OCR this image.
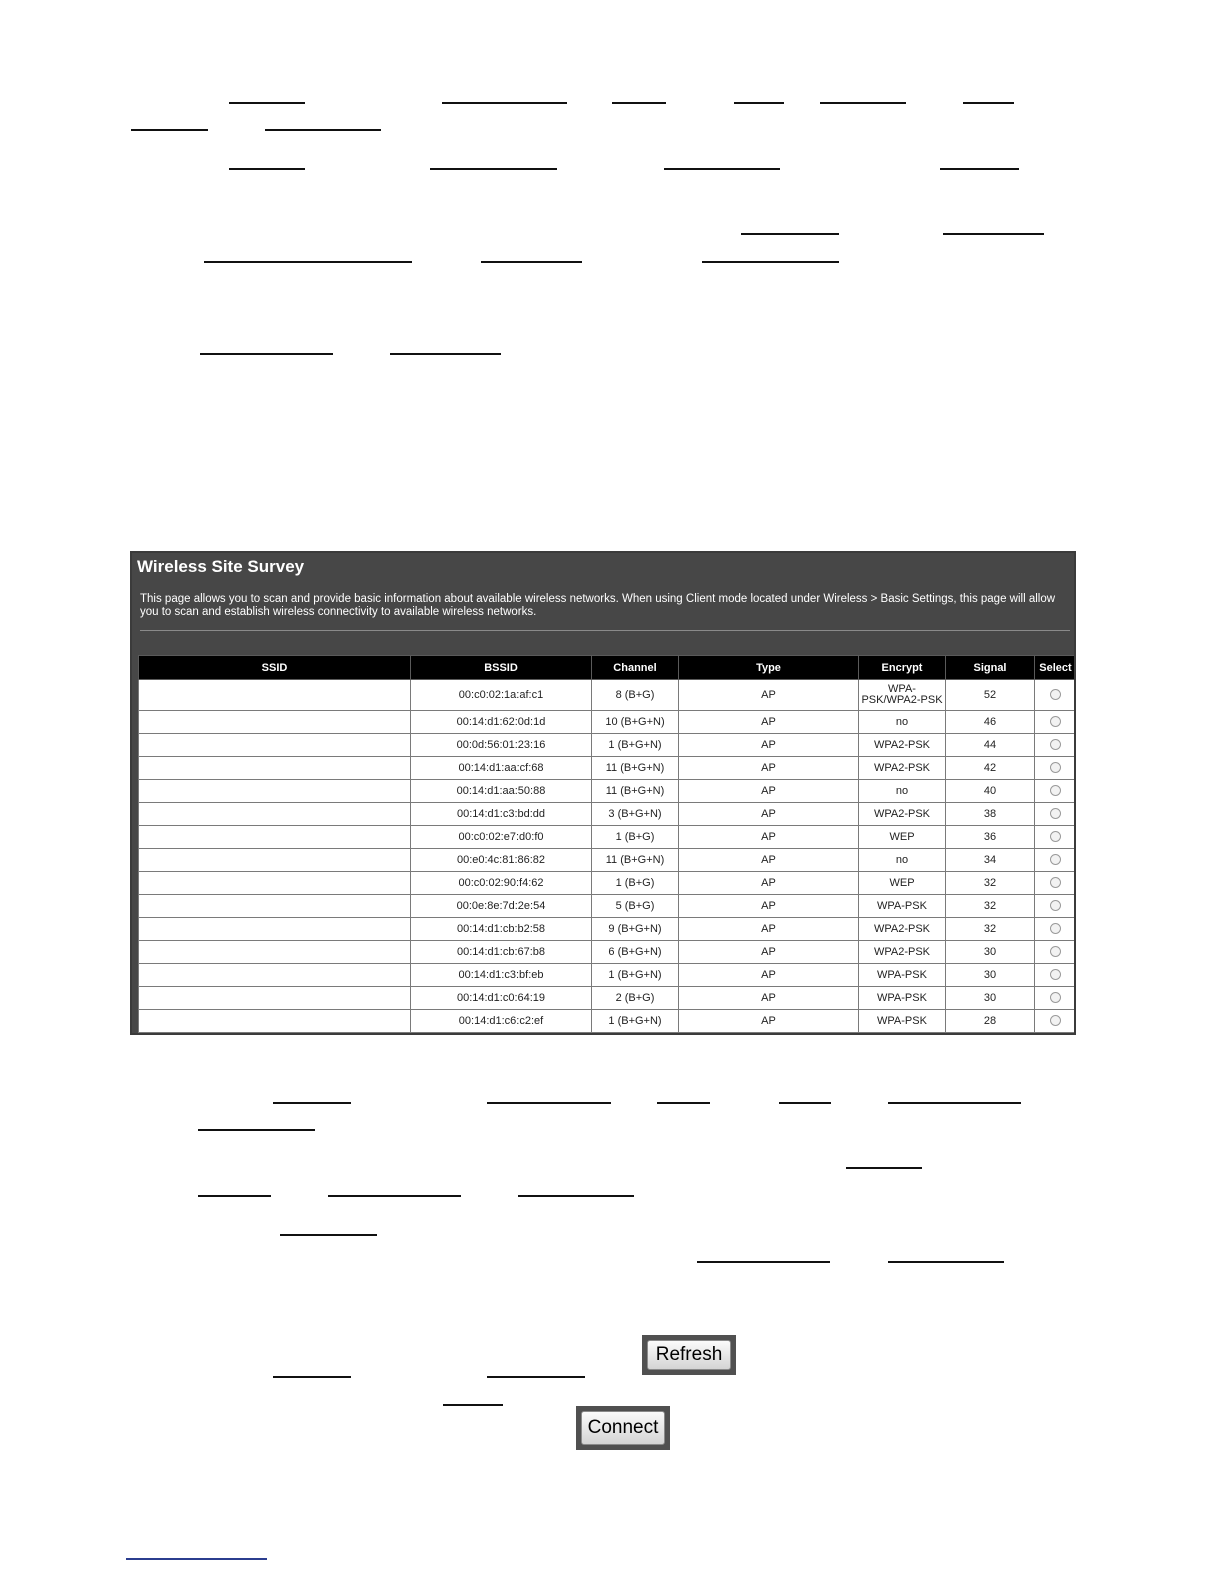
Wireless Site Survey
This page allows you to scan and provide basic information about available wireless networks. When using Client mode located under Wireless > Basic Settings, this page will allow you to scan and establish wireless connectivity to available wireless networks.
SSID	BSSID	Channel	Type	Encrypt	Signal	Select
	00:c0:02:1a:af:c1	8 (B+G)	AP	WPA-PSK/WPA2-PSK	52	
	00:14:d1:62:0d:1d	10 (B+G+N)	AP	no	46	
	00:0d:56:01:23:16	1 (B+G+N)	AP	WPA2-PSK	44	
	00:14:d1:aa:cf:68	11 (B+G+N)	AP	WPA2-PSK	42	
	00:14:d1:aa:50:88	11 (B+G+N)	AP	no	40	
	00:14:d1:c3:bd:dd	3 (B+G+N)	AP	WPA2-PSK	38	
	00:c0:02:e7:d0:f0	1 (B+G)	AP	WEP	36	
	00:e0:4c:81:86:82	11 (B+G+N)	AP	no	34	
	00:c0:02:90:f4:62	1 (B+G)	AP	WEP	32	
	00:0e:8e:7d:2e:54	5 (B+G)	AP	WPA-PSK	32	
	00:14:d1:cb:b2:58	9 (B+G+N)	AP	WPA2-PSK	32	
	00:14:d1:cb:67:b8	6 (B+G+N)	AP	WPA2-PSK	30	
	00:14:d1:c3:bf:eb	1 (B+G+N)	AP	WPA-PSK	30	
	00:14:d1:c0:64:19	2 (B+G)	AP	WPA-PSK	30	
	00:14:d1:c6:c2:ef	1 (B+G+N)	AP	WPA-PSK	28	
Refresh
Connect
